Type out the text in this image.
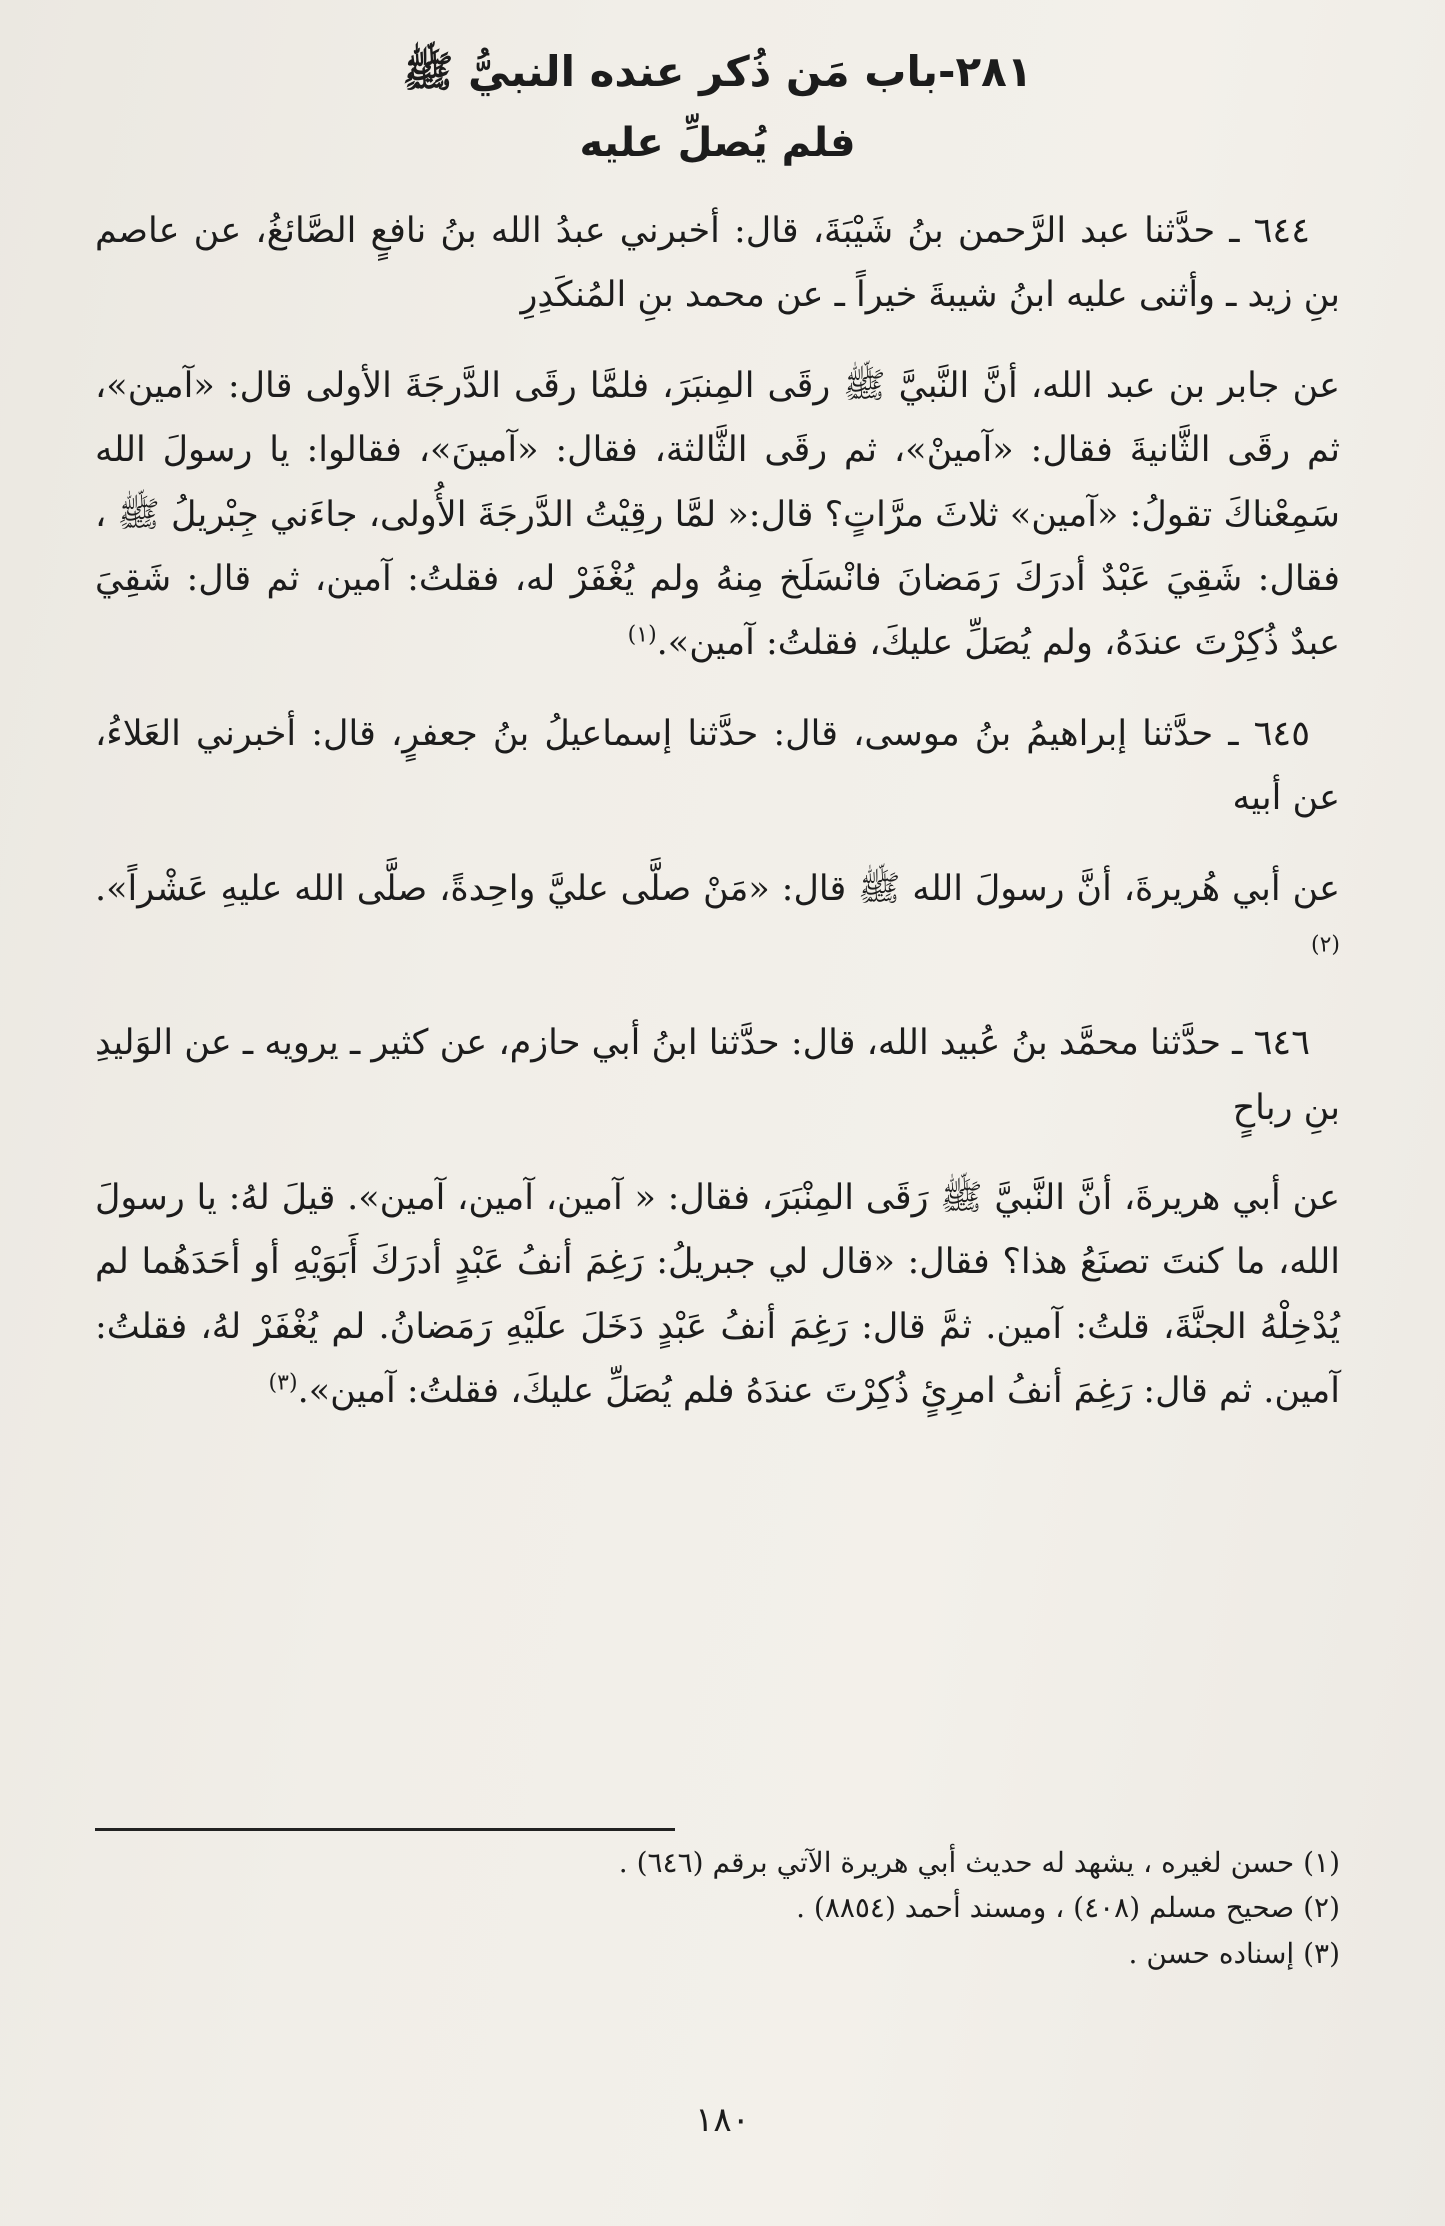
٢٨١-باب مَن ذُكر عنده النبيُّ ﷺ
فلم يُصلِّ عليه

٦٤٤ ـ حدَّثنا عبد الرَّحمن بنُ شَيْبَةَ، قال: أخبرني عبدُ الله بنُ نافعٍ الصَّائغُ، عن عاصم بنِ زيد ـ وأثنى عليه ابنُ شيبةَ خيراً ـ عن محمد بنِ المُنكَدِرِ

عن جابر بن عبد الله، أنَّ النَّبيَّ ﷺ رقَى المِنبَرَ، فلمَّا رقَى الدَّرجَةَ الأولى قال: «آمين»، ثم رقَى الثَّانيةَ فقال: «آمينْ»، ثم رقَى الثَّالثة، فقال: «آمينَ»، فقالوا: يا رسولَ الله سَمِعْناكَ تقولُ: «آمين» ثلاثَ مرَّاتٍ؟ قال:« لمَّا رقِيْتُ الدَّرجَةَ الأُولى، جاءَني جِبْريلُ ﷺ ، فقال: شَقِيَ عَبْدٌ أدرَكَ رَمَضانَ فانْسَلَخ مِنهُ ولم يُغْفَرْ له، فقلتُ: آمين، ثم قال: شَقِيَ عبدٌ ذُكِرْتَ عندَهُ، ولم يُصَلِّ عليكَ، فقلتُ: آمين».$^{(١)}$

٦٤٥ ـ حدَّثنا إبراهيمُ بنُ موسى، قال: حدَّثنا إسماعيلُ بنُ جعفرٍ، قال: أخبرني العَلاءُ، عن أبيه

عن أبي هُريرةَ، أنَّ رسولَ الله ﷺ قال: «مَنْ صلَّى عليَّ واحِدةً، صلَّى الله عليهِ عَشْراً».$^{(٢)}$

٦٤٦ ـ حدَّثنا محمَّد بنُ عُبيد الله، قال: حدَّثنا ابنُ أبي حازم، عن كثير ـ يرويه ـ عن الوَليدِ بنِ رباحٍ

عن أبي هريرةَ، أنَّ النَّبيَّ ﷺ رَقَى المِنْبَرَ، فقال: « آمين، آمين، آمين». قيلَ لهُ: يا رسولَ الله، ما كنتَ تصنَعُ هذا؟ فقال: «قال لي جبريلُ: رَغِمَ أنفُ عَبْدٍ أدرَكَ أَبَوَيْهِ أو أحَدَهُما لم يُدْخِلْهُ الجنَّةَ، قلتُ: آمين. ثمَّ قال: رَغِمَ أنفُ عَبْدٍ دَخَلَ علَيْهِ رَمَضانُ. لم يُغْفَرْ لهُ، فقلتُ: آمين. ثم قال: رَغِمَ أنفُ امرِئٍ ذُكِرْتَ عندَهُ فلم يُصَلِّ عليكَ، فقلتُ: آمين».$^{(٣)}$

(١) حسن لغيره ، يشهد له حديث أبي هريرة الآتي برقم (٦٤٦) .

(٢) صحيح مسلم (٤٠٨) ، ومسند أحمد (٨٨٥٤) .

(٣) إسناده حسن .

١٨٠
